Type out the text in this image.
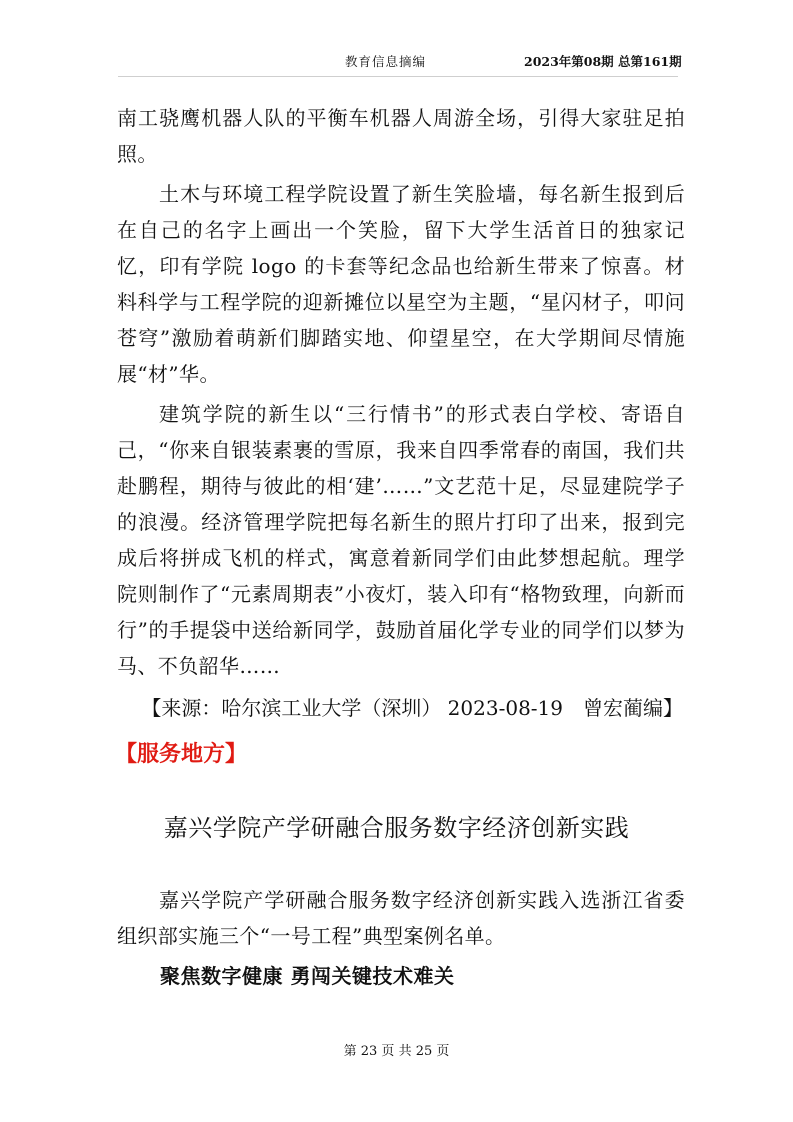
教育信息摘编	2023年第08期 总第161期

南工骁鹰机器人队的平衡车机器人周游全场，引得大家驻足拍照。

土木与环境工程学院设置了新生笑脸墙，每名新生报到后在自己的名字上画出一个笑脸，留下大学生活首日的独家记忆，印有学院 logo 的卡套等纪念品也给新生带来了惊喜。材料科学与工程学院的迎新摊位以星空为主题，“星闪材子，叩问苍穹”激励着萌新们脚踏实地、仰望星空，在大学期间尽情施展“材”华。

建筑学院的新生以“三行情书”的形式表白学校、寄语自己，“你来自银装素裹的雪原，我来自四季常春的南国，我们共赴鹏程，期待与彼此的相‘建’……”文艺范十足，尽显建院学子的浪漫。经济管理学院把每名新生的照片打印了出来，报到完成后将拼成飞机的样式，寓意着新同学们由此梦想起航。理学院则制作了“元素周期表”小夜灯，装入印有“格物致理，向新而行”的手提袋中送给新同学，鼓励首届化学专业的同学们以梦为马、不负韶华……

【来源：哈尔滨工业大学（深圳） 2023-08-19　曾宏蔺编】

【服务地方】
嘉兴学院产学研融合服务数字经济创新实践

嘉兴学院产学研融合服务数字经济创新实践入选浙江省委组织部实施三个“一号工程”典型案例名单。

聚焦数字健康 勇闯关键技术难关
第 23 页 共 25 页
